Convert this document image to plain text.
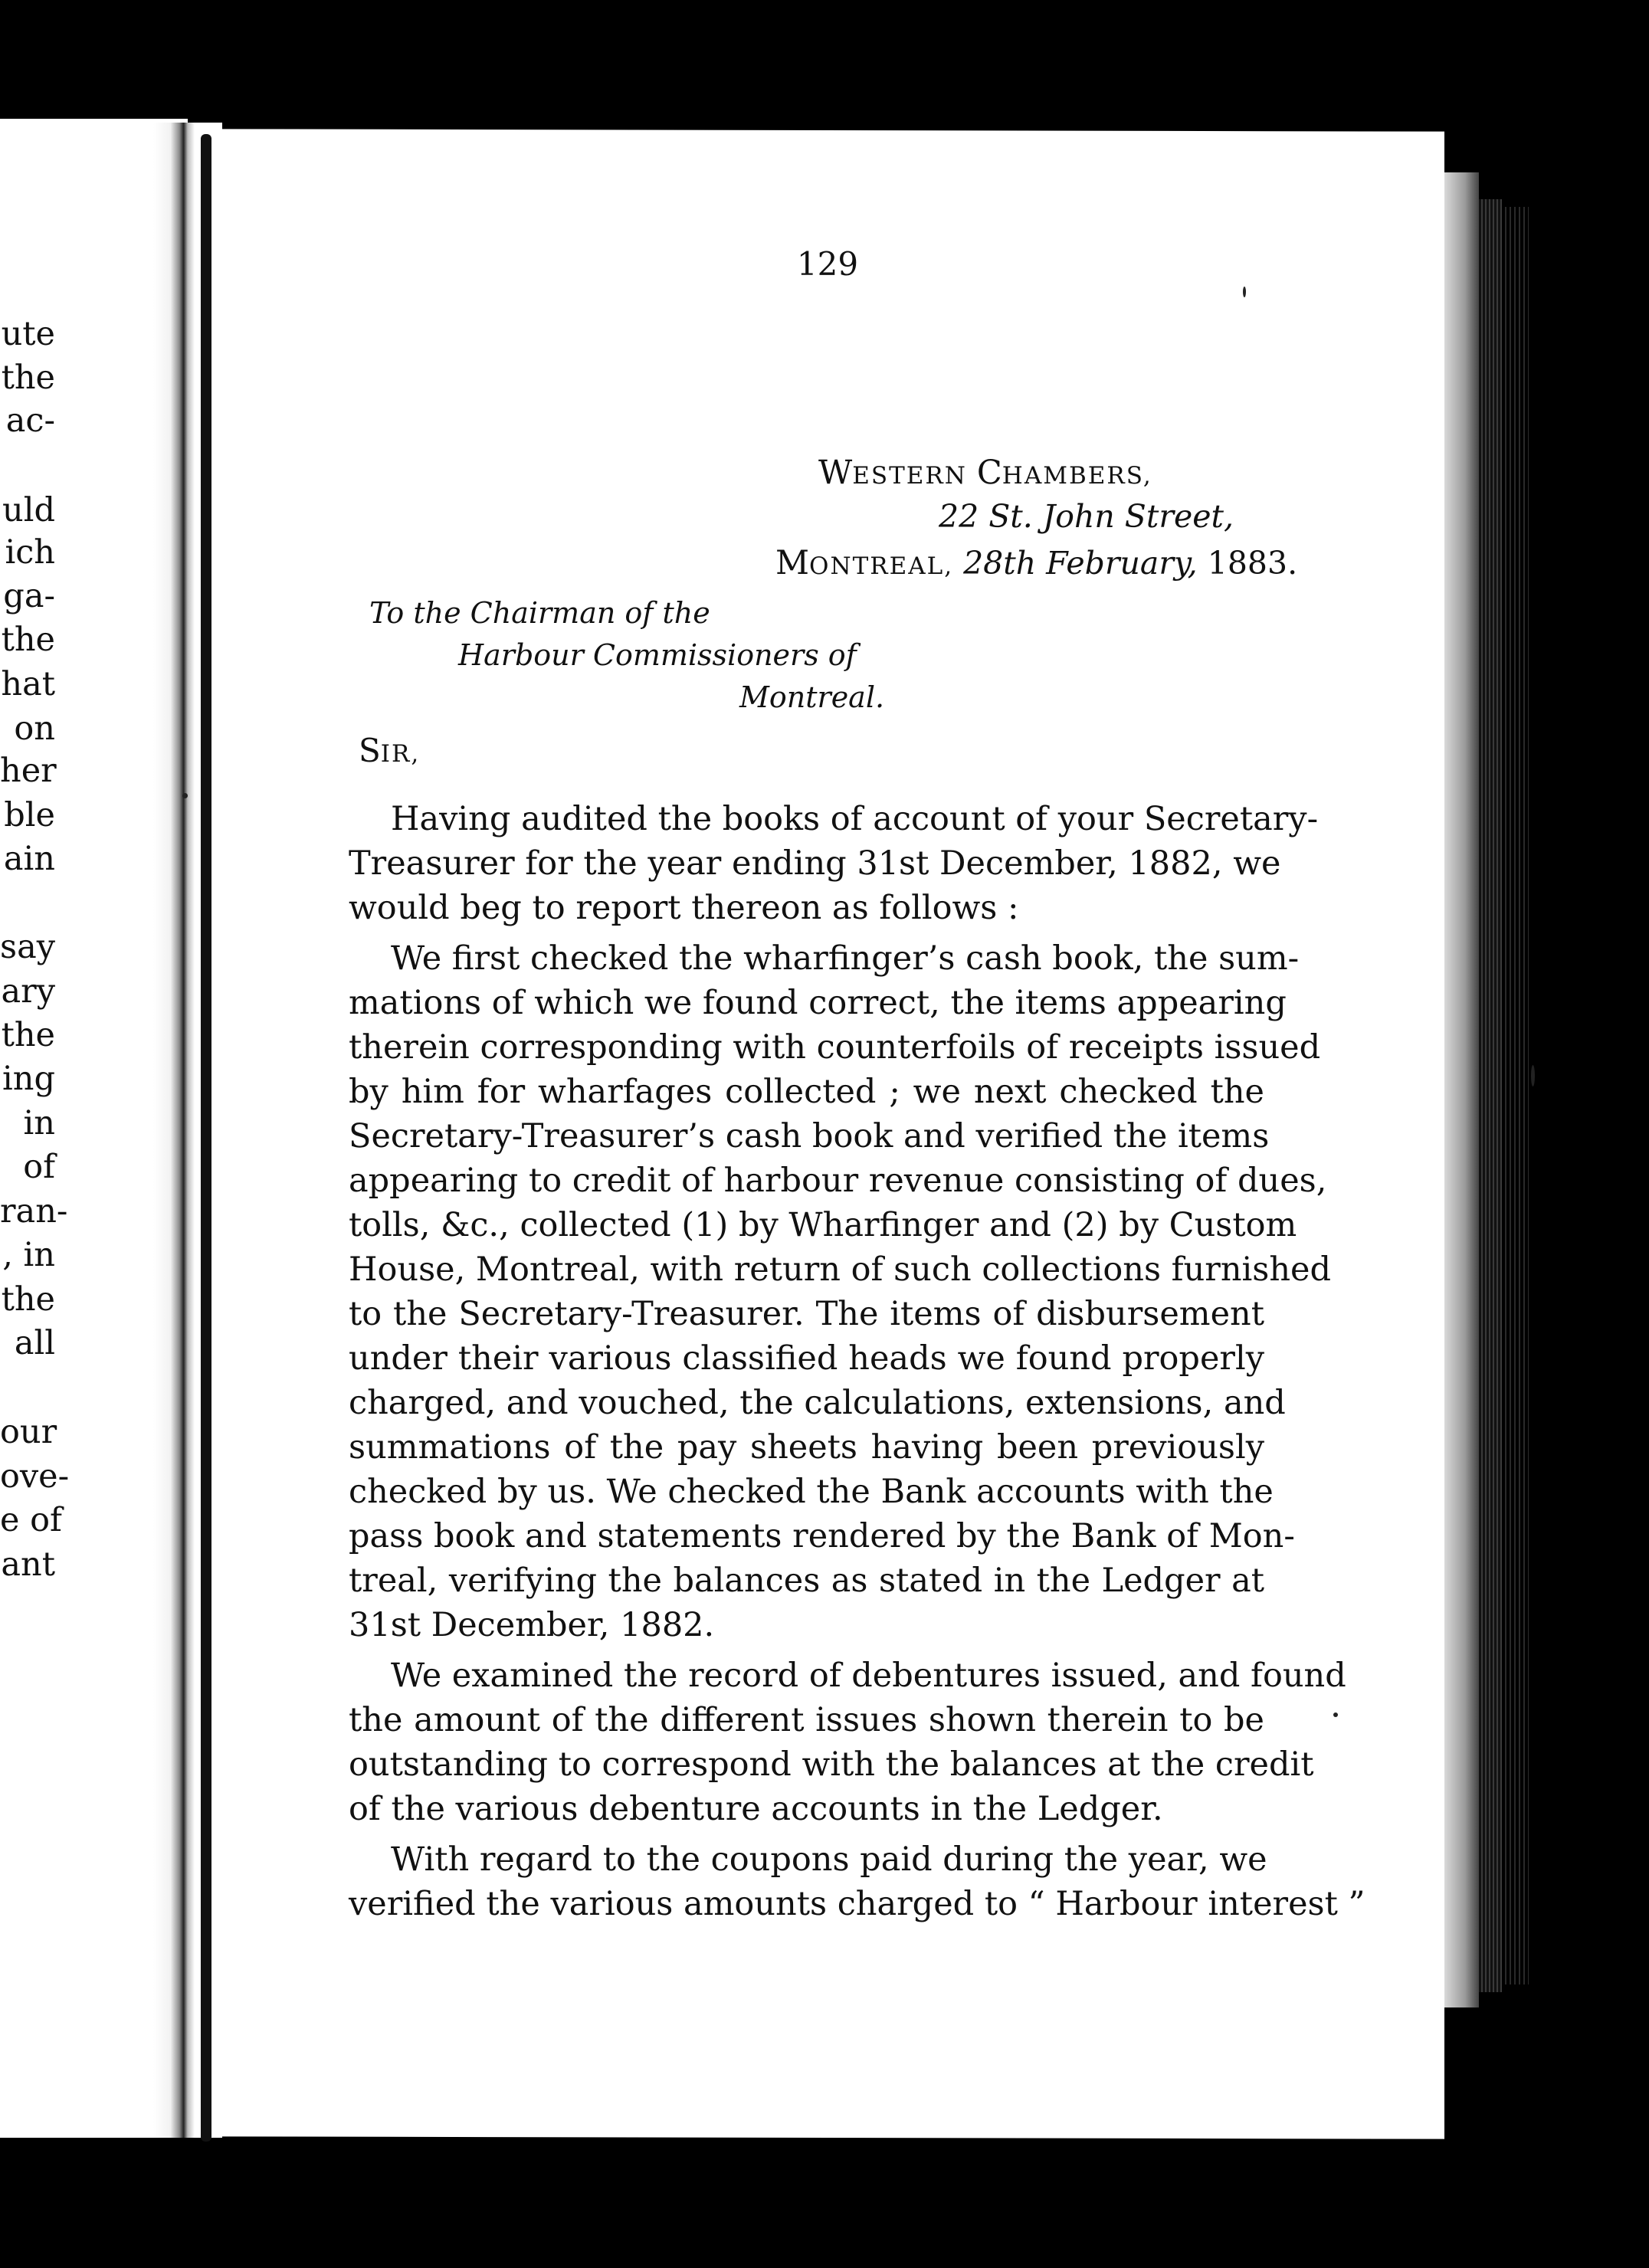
ute
the
ac-
uld
ich
ga-
the
hat
on
her
ble
ain
say
ary
the
ing
in
of
ran-
, in
the
all
our
ove-
e of
ant
129
WESTERN CHAMBERS,
22 St. John Street,
MONTREAL, 28th February, 1883.
To the Chairman of the
Harbour Commissioners of
Montreal.
SIR,
Having audited the books of account of your Secretary-
Treasurer for the year ending 31st December, 1882, we
would beg to report thereon as follows :
We first checked the wharfinger’s cash book, the sum-
mations of which we found correct, the items appearing
therein corresponding with counterfoils of receipts issued
by him for wharfages collected ; we next checked the
Secretary-Treasurer’s cash book and verified the items
appearing to credit of harbour revenue consisting of dues,
tolls, &c., collected (1) by Wharfinger and (2) by Custom
House, Montreal, with return of such collections furnished
to the Secretary-Treasurer. The items of disbursement
under their various classified heads we found properly
charged, and vouched, the calculations, extensions, and
summations of the pay sheets having been previously
checked by us. We checked the Bank accounts with the
pass book and statements rendered by the Bank of Mon-
treal, verifying the balances as stated in the Ledger at
31st December, 1882.
We examined the record of debentures issued, and found
the amount of the different issues shown therein to be
outstanding to correspond with the balances at the credit
of the various debenture accounts in the Ledger.
With regard to the coupons paid during the year, we
verified the various amounts charged to “ Harbour interest ”
